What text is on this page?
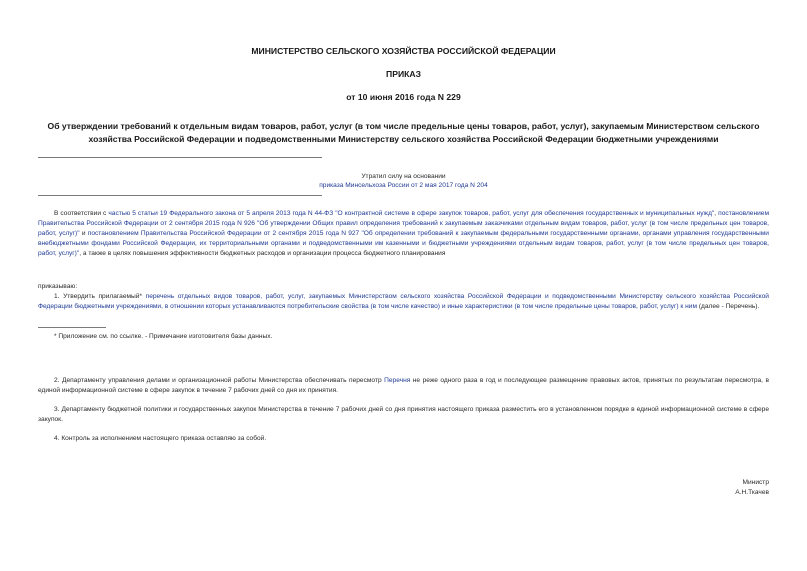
МИНИСТЕРСТВО СЕЛЬСКОГО ХОЗЯЙСТВА РОССИЙСКОЙ ФЕДЕРАЦИИ
ПРИКАЗ
от 10 июня 2016 года N 229
Об утверждении требований к отдельным видам товаров, работ, услуг (в том числе предельные цены товаров, работ, услуг), закупаемым Министерством сельского хозяйства Российской Федерации и подведомственными Министерству сельского хозяйства Российской Федерации бюджетными учреждениями
Утратил силу на основании
приказа Минсельхоза России от 2 мая 2017 года N 204
В соответствии с частью 5 статьи 19 Федерального закона от 5 апреля 2013 года N 44-ФЗ "О контрактной системе в сфере закупок товаров, работ, услуг для обеспечения государственных и муниципальных нужд", постановлением Правительства Российской Федерации от 2 сентября 2015 года N 926 "Об утверждении Общих правил определения требований к закупаемым заказчиками отдельным видам товаров, работ, услуг (в том числе предельных цен товаров, работ, услуг)" и постановлением Правительства Российской Федерации от 2 сентября 2015 года N 927 "Об определении требований к закупаемым федеральными государственными органами, органами управления государственными внебюджетными фондами Российской Федерации, их территориальными органами и подведомственными им казенными и бюджетными учреждениями отдельным видам товаров, работ, услуг (в том числе предельных цен товаров, работ, услуг)", а также в целях повышения эффективности бюджетных расходов и организации процесса бюджетного планирования
приказываю:
1. Утвердить прилагаемый* перечень отдельных видов товаров, работ, услуг, закупаемых Министерством сельского хозяйства Российской Федерации и подведомственными Министерству сельского хозяйства Российской Федерации бюджетными учреждениями, в отношении которых устанавливаются потребительские свойства (в том числе качество) и иные характеристики (в том числе предельные цены товаров, работ, услуг) к ним (далее - Перечень).
* Приложение см. по ссылке. - Примечание изготовителя базы данных.
2. Департаменту управления делами и организационной работы Министерства обеспечивать пересмотр Перечня не реже одного раза в год и последующее размещение правовых актов, принятых по результатам пересмотра, в единой информационной системе в сфере закупок в течение 7 рабочих дней со дня их принятия.
3. Департаменту бюджетной политики и государственных закупок Министерства в течение 7 рабочих дней со дня принятия настоящего приказа разместить его в установленном порядке в единой информационной системе в сфере закупок.
4. Контроль за исполнением настоящего приказа оставляю за собой.
Министр
А.Н.Ткачев
